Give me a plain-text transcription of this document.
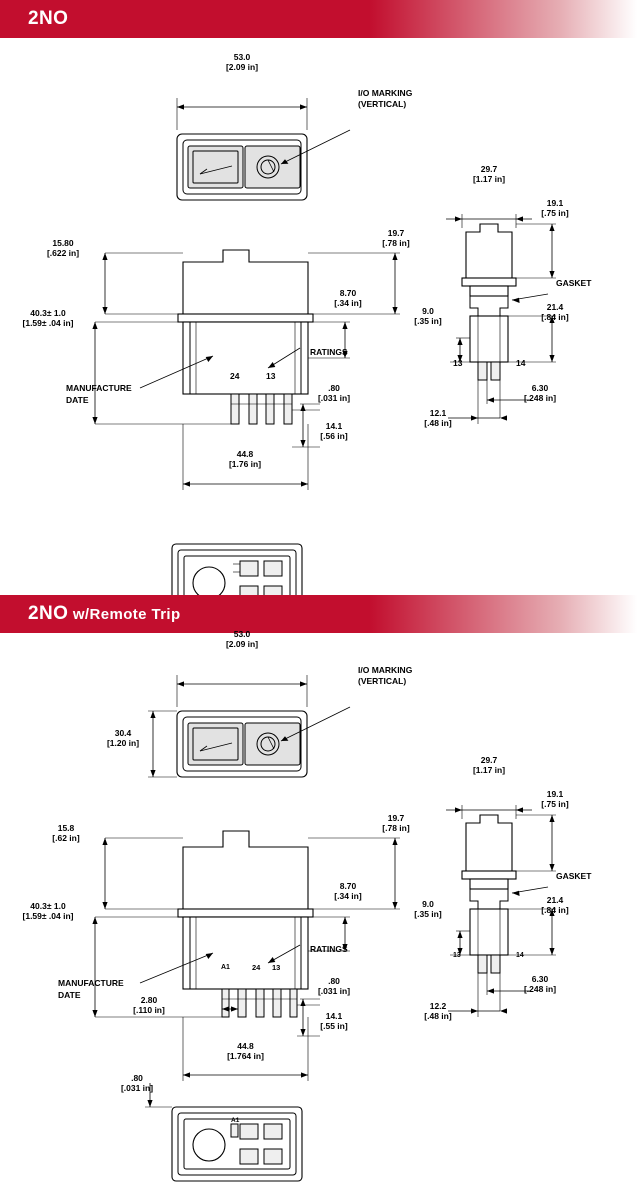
2NO
53.0
[2.09 in]
I/O MARKING
(VERTICAL)
15.80
[.622 in]
40.3± 1.0
[1.59± .04 in]
19.7
[.78 in]
8.70
[.34 in]
RATINGS
MANUFACTURE
DATE
24	13
.80
[.031 in]
14.1
[.56 in]
44.8
[1.76 in]
29.7
[1.17 in]
19.1
[.75 in]
GASKET
21.4
[.84 in]
9.0
[.35 in]
13	14
12.1
[.48 in]
6.30
[.248 in]
2NO w/Remote Trip
53.0
[2.09 in]
I/O MARKING
(VERTICAL)
30.4
[1.20 in]
15.8
[.62 in]
40.3± 1.0
[1.59± .04 in]
19.7
[.78 in]
8.70
[.34 in]
RATINGS
MANUFACTURE
DATE
A1	24 13
2.80
[.110 in]
.80
[.031 in]
14.1
[.55 in]
44.8
[1.764 in]
.80
[.031 in]
29.7
[1.17 in]
19.1
[.75 in]
GASKET
21.4
[.84 in]
9.0
[.35 in]
13	14
12.2
[.48 in]
6.30
[.248 in]
A1
